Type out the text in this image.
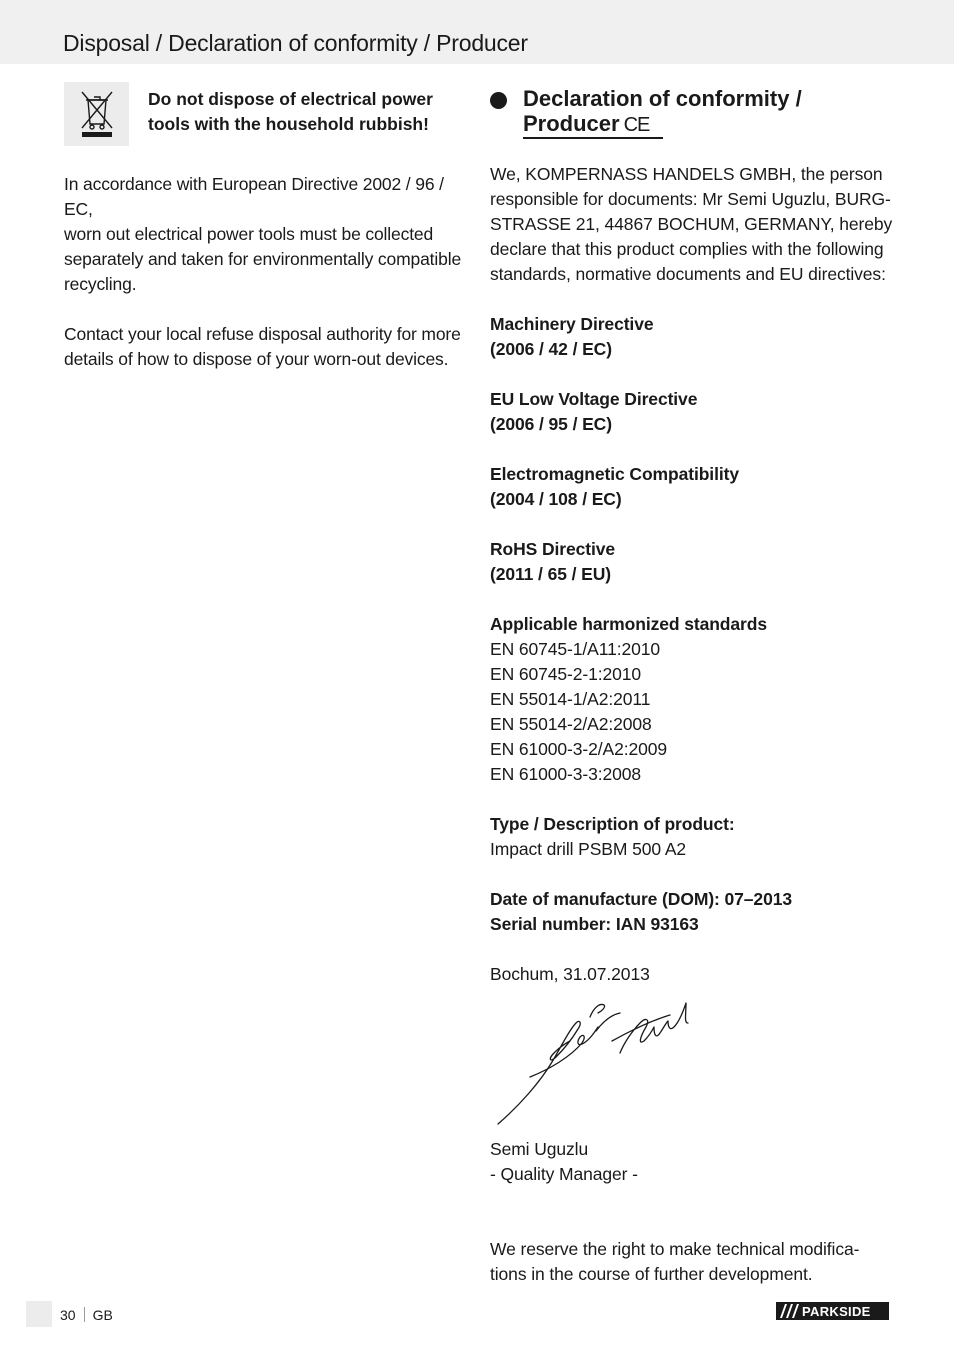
Disposal / Declaration of conformity / Producer
Do not dispose of electrical power
tools with the household rubbish!

In accordance with European Directive 2002 / 96 / EC,
worn out electrical power tools must be collected
separately and taken for environmentally compatible
recycling.

Contact your local refuse disposal authority for more
details of how to dispose of your worn-out devices.

Declaration of conformity /
Producer CE
We, KOMPERNASS HANDELS GMBH, the person
responsible for documents: Mr Semi Uguzlu, BURG-
STRASSE 21, 44867 BOCHUM, GERMANY, hereby
declare that this product complies with the following
standards, normative documents and EU directives:
Machinery Directive
(2006 / 42 / EC)
EU Low Voltage Directive
(2006 / 95 / EC)
Electromagnetic Compatibility
(2004 / 108 / EC)
RoHS Directive
(2011 / 65 / EU)
Applicable harmonized standards
EN 60745-1/A11:2010
EN 60745-2-1:2010
EN 55014-1/A2:2011
EN 55014-2/A2:2008
EN 61000-3-2/A2:2009
EN 61000-3-3:2008
Type / Description of product:
Impact drill PSBM 500 A2
Date of manufacture (DOM): 07–2013
Serial number: IAN 93163
Bochum, 31.07.2013
Semi Uguzlu
- Quality Manager -
We reserve the right to make technical modifica-
tions in the course of further development.
30 GB	PARKSIDE
